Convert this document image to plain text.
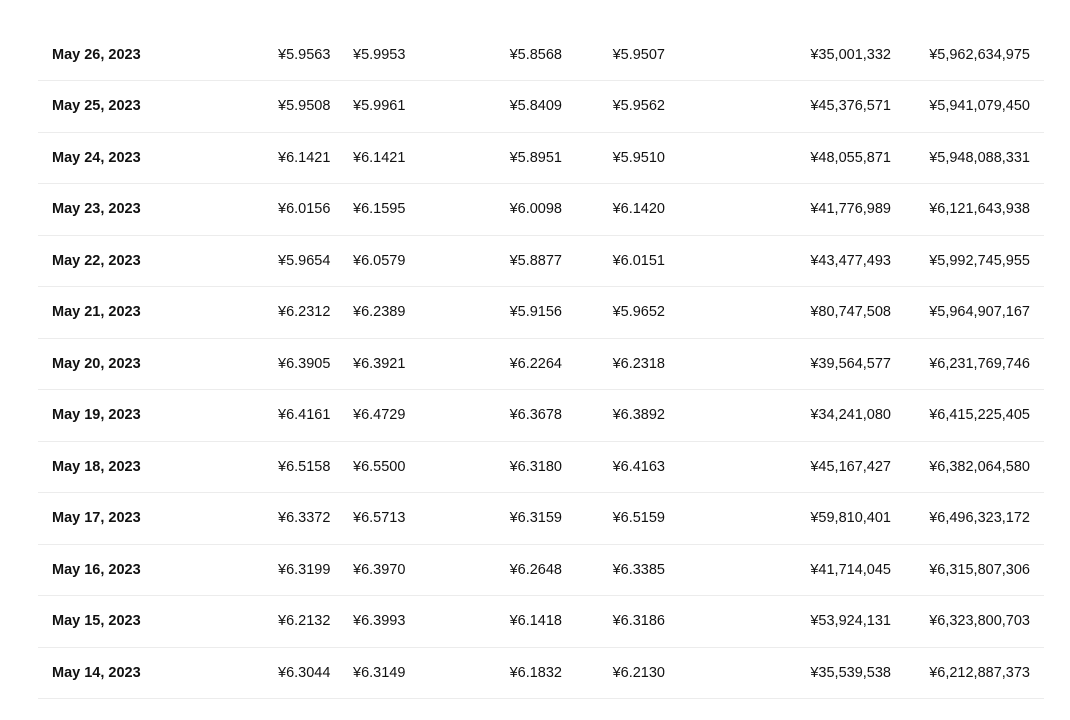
May 26, 2023	¥5.9563	¥5.9953	¥5.8568	¥5.9507	¥35,001,332	¥5,962,634,975
May 25, 2023	¥5.9508	¥5.9961	¥5.8409	¥5.9562	¥45,376,571	¥5,941,079,450
May 24, 2023	¥6.1421	¥6.1421	¥5.8951	¥5.9510	¥48,055,871	¥5,948,088,331
May 23, 2023	¥6.0156	¥6.1595	¥6.0098	¥6.1420	¥41,776,989	¥6,121,643,938
May 22, 2023	¥5.9654	¥6.0579	¥5.8877	¥6.0151	¥43,477,493	¥5,992,745,955
May 21, 2023	¥6.2312	¥6.2389	¥5.9156	¥5.9652	¥80,747,508	¥5,964,907,167
May 20, 2023	¥6.3905	¥6.3921	¥6.2264	¥6.2318	¥39,564,577	¥6,231,769,746
May 19, 2023	¥6.4161	¥6.4729	¥6.3678	¥6.3892	¥34,241,080	¥6,415,225,405
May 18, 2023	¥6.5158	¥6.5500	¥6.3180	¥6.4163	¥45,167,427	¥6,382,064,580
May 17, 2023	¥6.3372	¥6.5713	¥6.3159	¥6.5159	¥59,810,401	¥6,496,323,172
May 16, 2023	¥6.3199	¥6.3970	¥6.2648	¥6.3385	¥41,714,045	¥6,315,807,306
May 15, 2023	¥6.2132	¥6.3993	¥6.1418	¥6.3186	¥53,924,131	¥6,323,800,703
May 14, 2023	¥6.3044	¥6.3149	¥6.1832	¥6.2130	¥35,539,538	¥6,212,887,373
